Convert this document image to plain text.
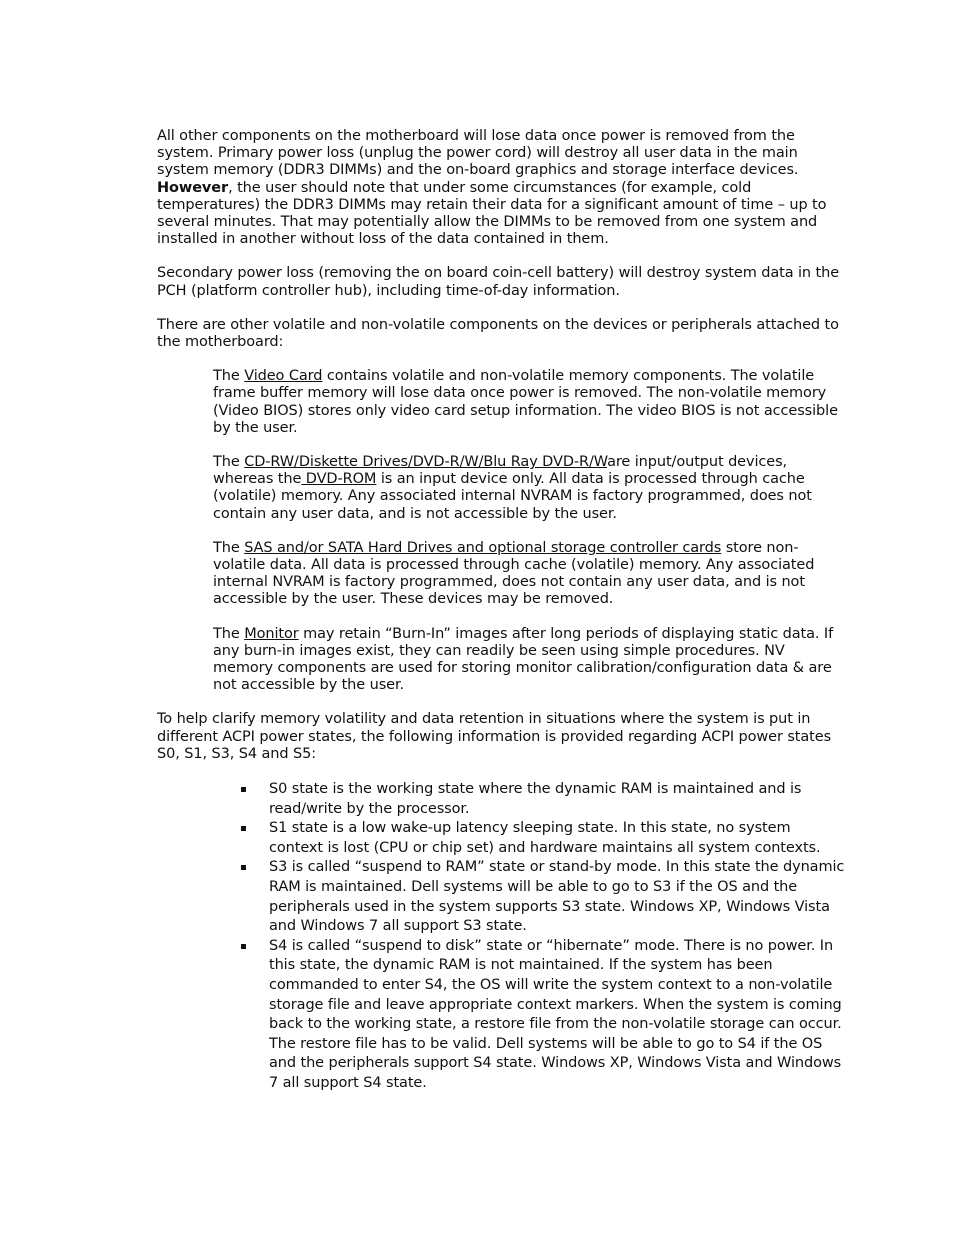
All other components on the motherboard will lose data once power is removed from the system. Primary power loss (unplug the power cord) will destroy all user data in the main system memory (DDR3 DIMMs) and the on-board graphics and storage interface devices. However, the user should note that under some circumstances (for example, cold temperatures) the DDR3 DIMMs may retain their data for a significant amount of time – up to several minutes. That may potentially allow the DIMMs to be removed from one system and installed in another without loss of the data contained in them.

Secondary power loss (removing the on board coin-cell battery) will destroy system data in the PCH (platform controller hub), including time-of-day information.

There are other volatile and non-volatile components on the devices or peripherals attached to the motherboard:

The Video Card contains volatile and non-volatile memory components. The volatile frame buffer memory will lose data once power is removed. The non-volatile memory (Video BIOS) stores only video card setup information. The video BIOS is not accessible by the user.

The CD-RW/Diskette Drives/DVD-R/W/Blu Ray DVD-R/Ware input/output devices, whereas the DVD-ROM is an input device only. All data is processed through cache (volatile) memory. Any associated internal NVRAM is factory programmed, does not contain any user data, and is not accessible by the user.

The SAS and/or SATA Hard Drives and optional storage controller cards store non-volatile data. All data is processed through cache (volatile) memory. Any associated internal NVRAM is factory programmed, does not contain any user data, and is not accessible by the user. These devices may be removed.

The Monitor may retain “Burn-In” images after long periods of displaying static data. If any burn-in images exist, they can readily be seen using simple procedures. NV memory components are used for storing monitor calibration/configuration data & are not accessible by the user.

To help clarify memory volatility and data retention in situations where the system is put in different ACPI power states, the following information is provided regarding ACPI power states S0, S1, S3, S4 and S5:

S0 state is the working state where the dynamic RAM is maintained and is read/write by the processor.
S1 state is a low wake-up latency sleeping state. In this state, no system context is lost (CPU or chip set) and hardware maintains all system contexts.
S3 is called “suspend to RAM” state or stand-by mode. In this state the dynamic RAM is maintained. Dell systems will be able to go to S3 if the OS and the peripherals used in the system supports S3 state. Windows XP, Windows Vista and Windows 7 all support S3 state.
S4 is called “suspend to disk” state or “hibernate” mode. There is no power. In this state, the dynamic RAM is not maintained. If the system has been commanded to enter S4, the OS will write the system context to a non-volatile storage file and leave appropriate context markers. When the system is coming back to the working state, a restore file from the non-volatile storage can occur. The restore file has to be valid. Dell systems will be able to go to S4 if the OS and the peripherals support S4 state. Windows XP, Windows Vista and Windows 7 all support S4 state.
